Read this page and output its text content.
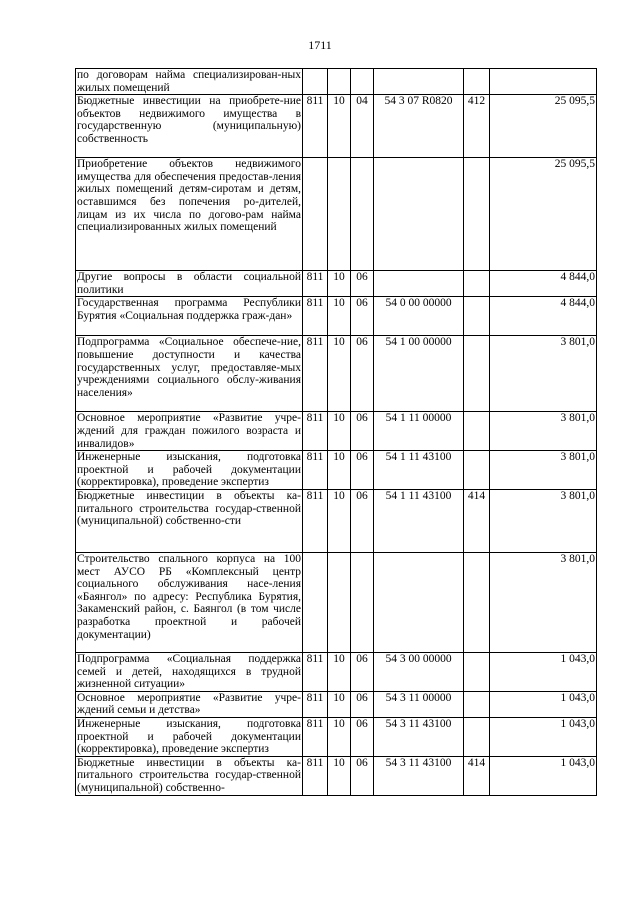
1711
по договорам найма специализирован-ных жилых помещений						
Бюджетные инвестиции на приобрете-ние объектов недвижимого имущества в государственную (муниципальную) собственность	811	10	04	54 3 07 R0820	412	25 095,5
Приобретение объектов недвижимого имущества для обеспечения предостав-ления жилых помещений детям-сиротам и детям, оставшимся без попечения ро-дителей, лицам из их числа по догово-рам найма специализированных жилых помещений						25 095,5
Другие вопросы в области социальной политики	811	10	06			4 844,0
Государственная программа Республики Бурятия «Социальная поддержка граж-дан»	811	10	06	54 0 00 00000		4 844,0
Подпрограмма «Социальное обеспече-ние, повышение доступности и качества государственных услуг, предоставляе-мых учреждениями социального обслу-живания населения»	811	10	06	54 1 00 00000		3 801,0
Основное мероприятие «Развитие учре-ждений для граждан пожилого возраста и инвалидов»	811	10	06	54 1 11 00000		3 801,0
Инженерные изыскания, подготовка проектной и рабочей документации (корректировка), проведение экспертиз	811	10	06	54 1 11 43100		3 801,0
Бюджетные инвестиции в объекты ка-питального строительства государ-ственной (муниципальной) собственно-сти	811	10	06	54 1 11 43100	414	3 801,0
Строительство спального корпуса на 100 мест АУСО РБ «Комплексный центр социального обслуживания насе-ления «Баянгол» по адресу: Республика Бурятия, Закаменский район, с. Баянгол (в том числе разработка проектной и рабочей документации)						3 801,0
Подпрограмма «Социальная поддержка семей и детей, находящихся в трудной жизненной ситуации»	811	10	06	54 3 00 00000		1 043,0
Основное мероприятие «Развитие учре-ждений семьи и детства»	811	10	06	54 3 11 00000		1 043,0
Инженерные изыскания, подготовка проектной и рабочей документации (корректировка), проведение экспертиз	811	10	06	54 3 11 43100		1 043,0
Бюджетные инвестиции в объекты ка-питального строительства государ-ственной (муниципальной) собственно-	811	10	06	54 3 11 43100	414	1 043,0
